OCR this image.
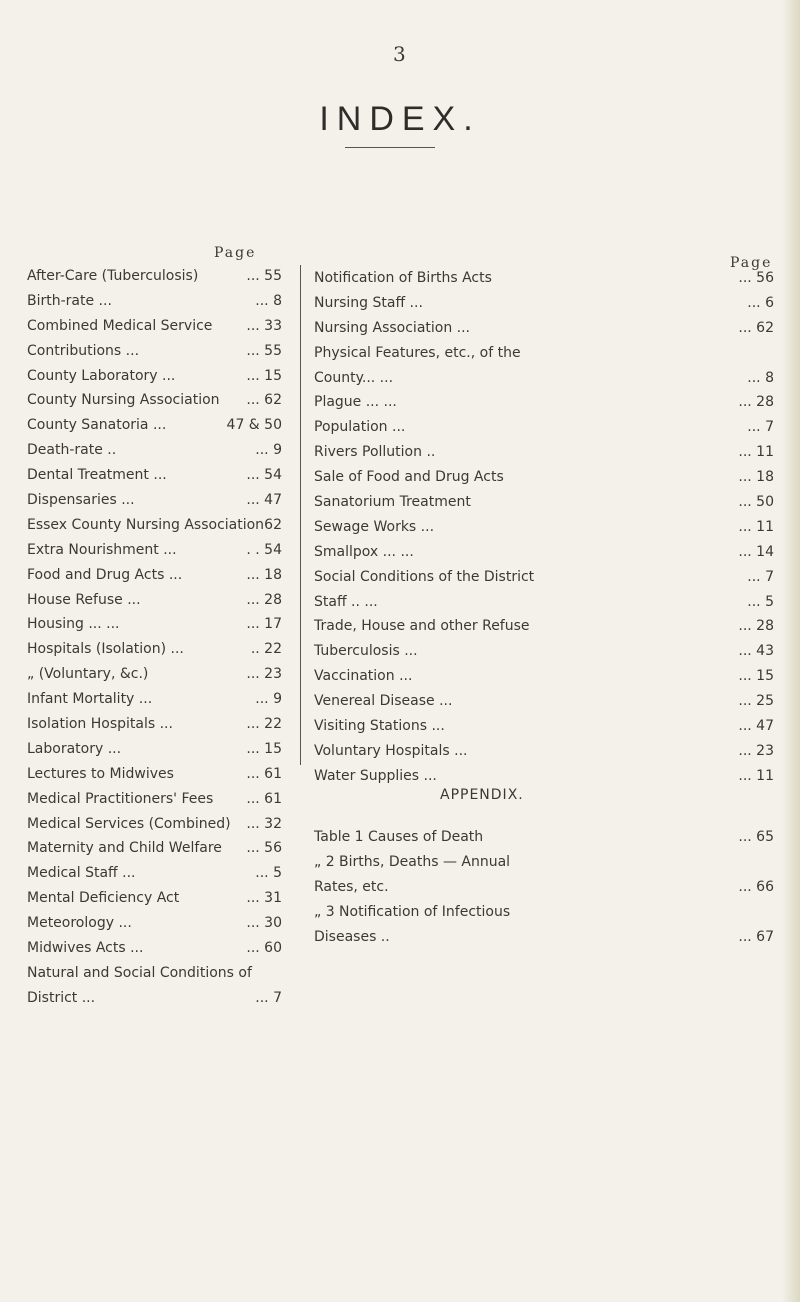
3
INDEX.
Page
Page
After-Care (Tuberculosis)	... 55
Birth-rate ...	... 8
Combined Medical Service ... 33
Contributions ...	... 55
County Laboratory ...	... 15
County Nursing Association ... 62
County Sanatoria ...	47 & 50
Death-rate ..	... 9
Dental Treatment ...	... 54
Dispensaries ...	... 47
Essex County Nursing Association 62
Extra Nourishment ...	. . 54
Food and Drug Acts ...	... 18
House Refuse ...	... 28
Housing ... ...	... 17
Hospitals (Isolation) ...	.. 22
„ (Voluntary, &c.)	... 23
Infant Mortality ...	... 9
Isolation Hospitals ...	... 22
Laboratory ...	... 15
Lectures to Midwives	... 61
Medical Practitioners' Fees ... 61
Medical Services (Combined) ... 32
Maternity and Child Welfare ... 56
Medical Staff ...	... 5
Mental Deficiency Act	... 31
Meteorology ...	... 30
Midwives Acts ...	... 60
Natural and Social Conditions of
District ...	... 7
Notification of Births Acts	... 56
Nursing Staff ...	... 6
Nursing Association ...	... 62
Physical Features, etc., of the
County... ...	... 8
Plague ... ...	... 28
Population ...	... 7
Rivers Pollution ..	... 11
Sale of Food and Drug Acts	... 18
Sanatorium Treatment	... 50
Sewage Works ...	... 11
Smallpox ... ...	... 14
Social Conditions of the District	... 7
Staff .. ...	... 5
Trade, House and other Refuse	... 28
Tuberculosis ...	... 43
Vaccination ...	... 15
Venereal Disease ...	... 25
Visiting Stations ...	... 47
Voluntary Hospitals ...	... 23
Water Supplies ...	... 11
APPENDIX.
Table 1 Causes of Death	... 65
„ 2 Births, Deaths — Annual
Rates, etc.	... 66
„ 3 Notification of Infectious
Diseases ..	... 67
